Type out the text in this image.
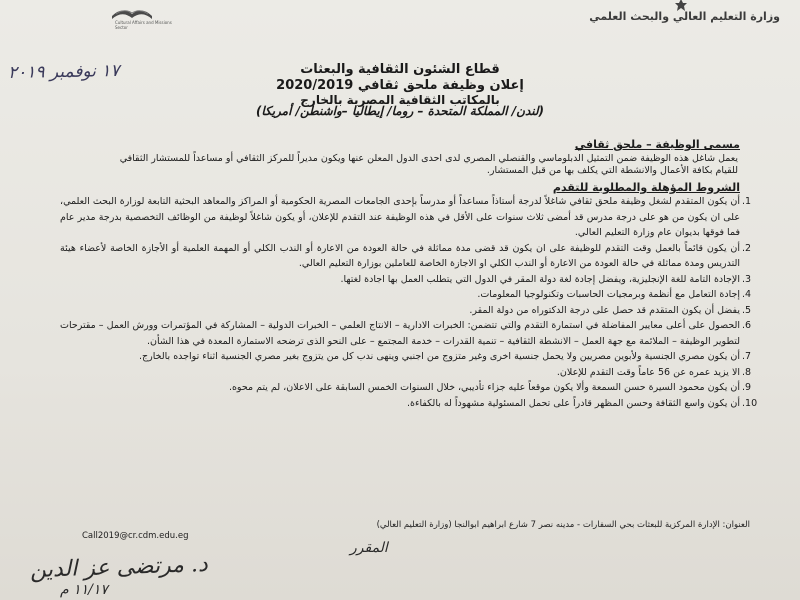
Cultural Affairs and Missions Sector
وزارة التعليم العالي والبحث العلمي
١٧ نوفمبر ٢٠١٩	قطاع الشئون الثقافية والبعثات
إعلان وظيفة ملحق ثقافي 2020/2019
بالمكاتب الثقافية المصرية بالخارج
(لندن/ المملكة المتحدة – روما/ إيطاليا –واشنطن/ أمريكا)
مسمى الوظيفة – ملحق ثقافي
يعمل شاغل هذه الوظيفة ضمن التمثيل الدبلوماسي والقنصلي المصري لدى احدى الدول المعلن عنها ويكون مديراً للمركز الثقافي أو مساعداً للمستشار الثقافي للقيام بكافة الأعمال والانشطة التي يكلف بها من قبل المستشار.
الشروط المؤهلة والمطلوبة للتقدم
1.
أن يكون المتقدم لشغل وظيفة ملحق ثقافي شاغلاً لدرجة أستاذاً مساعداً أو مدرساً بإحدى الجامعات المصرية الحكومية أو المراكز والمعاهد البحثية التابعة لوزارة البحث العلمي، على ان يكون من هو على درجة مدرس قد أمضى ثلاث سنوات على الأقل في هذه الوظيفة عند التقدم للإعلان، أو يكون شاغلاً لوظيفة من الوظائف التخصصية بدرجة مدير عام فما فوقها بديوان عام وزارة التعليم العالي.
2.
أن يكون قائماً بالعمل وقت التقدم للوظيفة على ان يكون قد قضى مدة مماثلة في حالة العودة من الاعارة أو الندب الكلي أو المهمة العلمية أو الأجازة الخاصة لأعضاء هيئة التدريس ومدة مماثلة في حالة العودة من الاعارة أو الندب الكلي او الاجازة الخاصة للعاملين بوزارة التعليم العالي.
3.
الإجادة التامة للغة الإنجليزية، ويفضل إجادة لغة دولة المقر في الدول التي يتطلب العمل بها اجادة لغتها.
4.
إجادة التعامل مع أنظمة وبرمجيات الحاسبات وتكنولوجيا المعلومات.
5.
يفضل أن يكون المتقدم قد حصل على درجة الدكتوراه من دولة المقر.
6.
الحصول على أعلى معايير المفاضلة في استمارة التقدم والتي تتضمن: الخبرات الادارية – الانتاج العلمي – الخبرات الدولية – المشاركة في المؤتمرات وورش العمل – مقترحات لتطوير الوظيفة – الملائمة مع جهة العمل – الانشطة الثقافية – تنمية القدرات – خدمة المجتمع – على النحو الذى ترضحه الاستمارة المعدة في هذا الشأن.
7.
أن يكون مصري الجنسية ولأبوين مصريين ولا يحمل جنسية اخرى وغير متزوج من اجنبي وينهى ندب كل من يتزوج بغير مصري الجنسية اثناء تواجده بالخارج.
8.
الا يزيد عمره عن 56 عاماً وقت التقدم للإعلان.
9.
أن يكون محمود السيرة حسن السمعة وألا يكون موقعاً عليه جزاء تأديبي، خلال السنوات الخمس السابقة على الاعلان، لم يتم محوه.
10.
أن يكون واسع الثقافة وحسن المظهر قادراً على تحمل المسئولية مشهوداً له بالكفاءة.
العنوان: الإدارة المركزية للبعثات بحي السفارات - مدينه نصر 7 شارع ابراهيم ابوالنجا (وزارة التعليم العالي)
Call2019@cr.cdm.edu.eg
المقرر
د. مرتضى عز الدين
١١/١٧ م
